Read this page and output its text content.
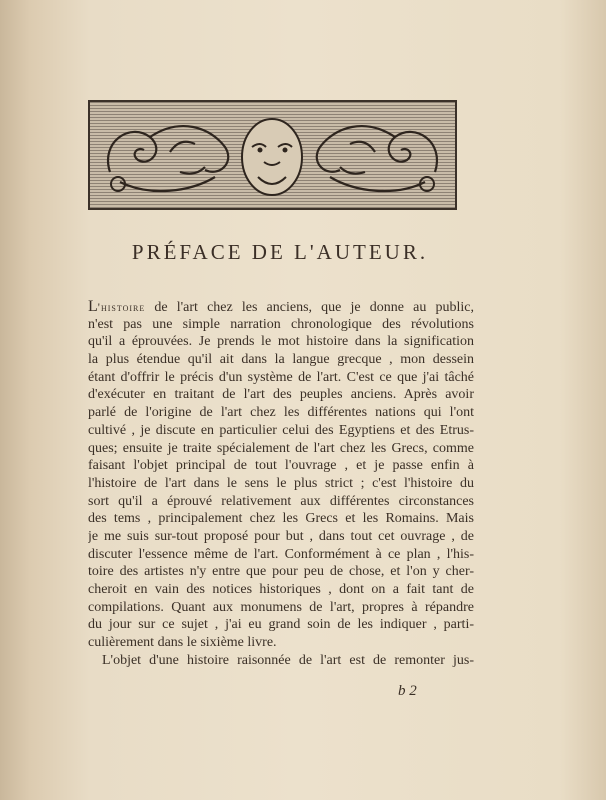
PRÉFACE DE L'AUTEUR.
L'histoire de l'art chez les anciens, que je donne au public,
n'est pas une simple narration chronologique des révolutions
qu'il a éprouvées. Je prends le mot histoire dans la signification
la plus étendue qu'il ait dans la langue grecque , mon dessein
étant d'offrir le précis d'un système de l'art. C'est ce que j'ai tâché
d'exécuter en traitant de l'art des peuples anciens. Après avoir
parlé de l'origine de l'art chez les différentes nations qui l'ont
cultivé , je discute en particulier celui des Egyptiens et des Etrus-
ques; ensuite je traite spécialement de l'art chez les Grecs, comme
faisant l'objet principal de tout l'ouvrage , et je passe enfin à
l'histoire de l'art dans le sens le plus strict ; c'est l'histoire du
sort qu'il a éprouvé relativement aux différentes circonstances
des tems , principalement chez les Grecs et les Romains. Mais
je me suis sur-tout proposé pour but , dans tout cet ouvrage , de
discuter l'essence même de l'art. Conformément à ce plan , l'his-
toire des artistes n'y entre que pour peu de chose, et l'on y cher-
cheroit en vain des notices historiques , dont on a fait tant de
compilations. Quant aux monumens de l'art, propres à répandre
du jour sur ce sujet , j'ai eu grand soin de les indiquer , parti-
culièrement dans le sixième livre.
L'objet d'une histoire raisonnée de l'art est de remonter jus-
b 2
